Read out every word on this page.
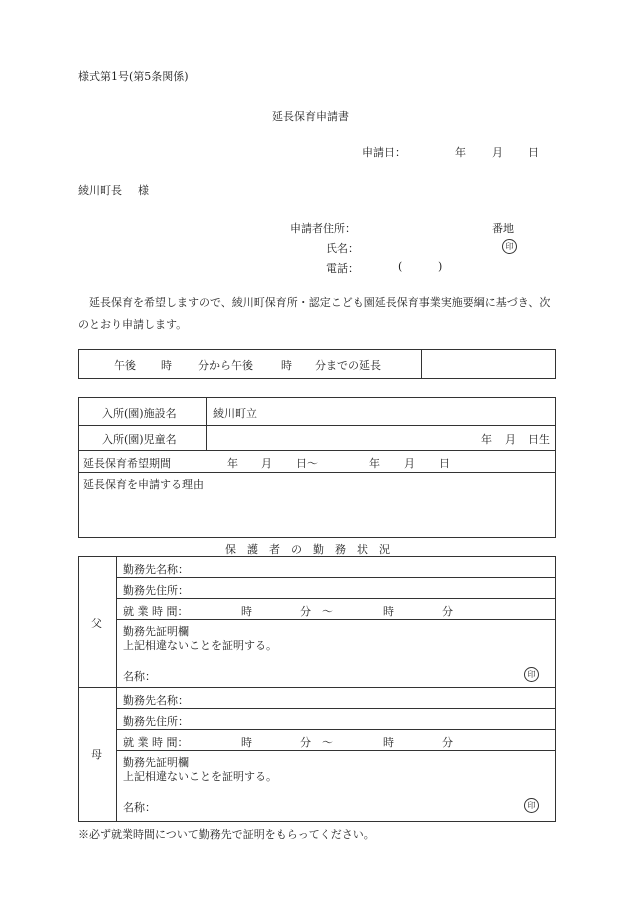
様式第1号(第5条関係)
延長保育申請書
申請日：	年 月 日
綾川町長 様
申請者住所：	番地
氏名：	印
電話：	(	)
延長保育を希望しますので、綾川町保育所・認定こども園延長保育事業実施要綱に基づき、次のとおり申請します。
午後 時 分から午後	時 分までの延長
入所(園)施設名	綾川町立
入所(園)児童名	年 月 日生
延長保育希望期間	年 月 日～	年 月 日
延長保育を申請する理由
保　護　者　の　勤　務　状　況
父
勤務先名称：
勤務先住所：
就 業 時 間：	時	分　～	時	分
勤務先証明欄
上記相違ないことを証明する。
名称：	印
母
勤務先名称：
勤務先住所：
就 業 時 間：	時	分　～	時	分
勤務先証明欄
上記相違ないことを証明する。
名称：	印
※必ず就業時間について勤務先で証明をもらってください。
